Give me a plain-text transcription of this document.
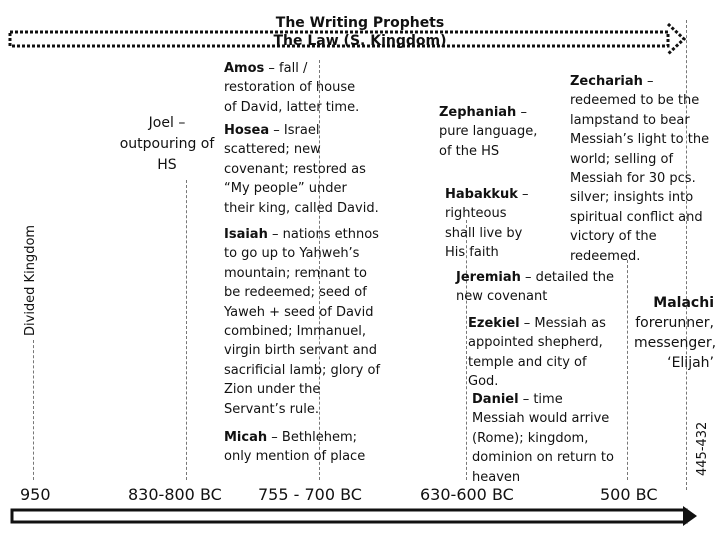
The Writing Prophets
The Law (S. Kingdom)
Divided Kingdom
445-432
Joel – outpouring of HS
Amos – fall / restoration of house of David, latter time.
Hosea – Israel scattered; new covenant; restored as “My people” under their king, called David.
Isaiah – nations ethnos to go up to Yahweh’s mountain; remnant to be redeemed; seed of Yaweh + seed of David combined; Immanuel, virgin birth servant and sacrificial lamb; glory of Zion under the Servant’s rule.
Micah – Bethlehem; only mention of place
Zephaniah – pure language, of the HS
Habakkuk – righteous shall live by His faith
Zechariah – redeemed to be the lampstand to bear Messiah’s light to the world; selling of Messiah for 30 pcs. silver; insights into spiritual conflict and victory of the redeemed.
Jeremiah – detailed the new covenant
Ezekiel – Messiah as appointed shepherd, temple and city of God.
Daniel – time Messiah would arrive (Rome); kingdom, dominion on return to heaven
Malachi forerunner, messenger, ‘Elijah’
950	830-800 BC 755 - 700 BC	630-600 BC	500 BC
